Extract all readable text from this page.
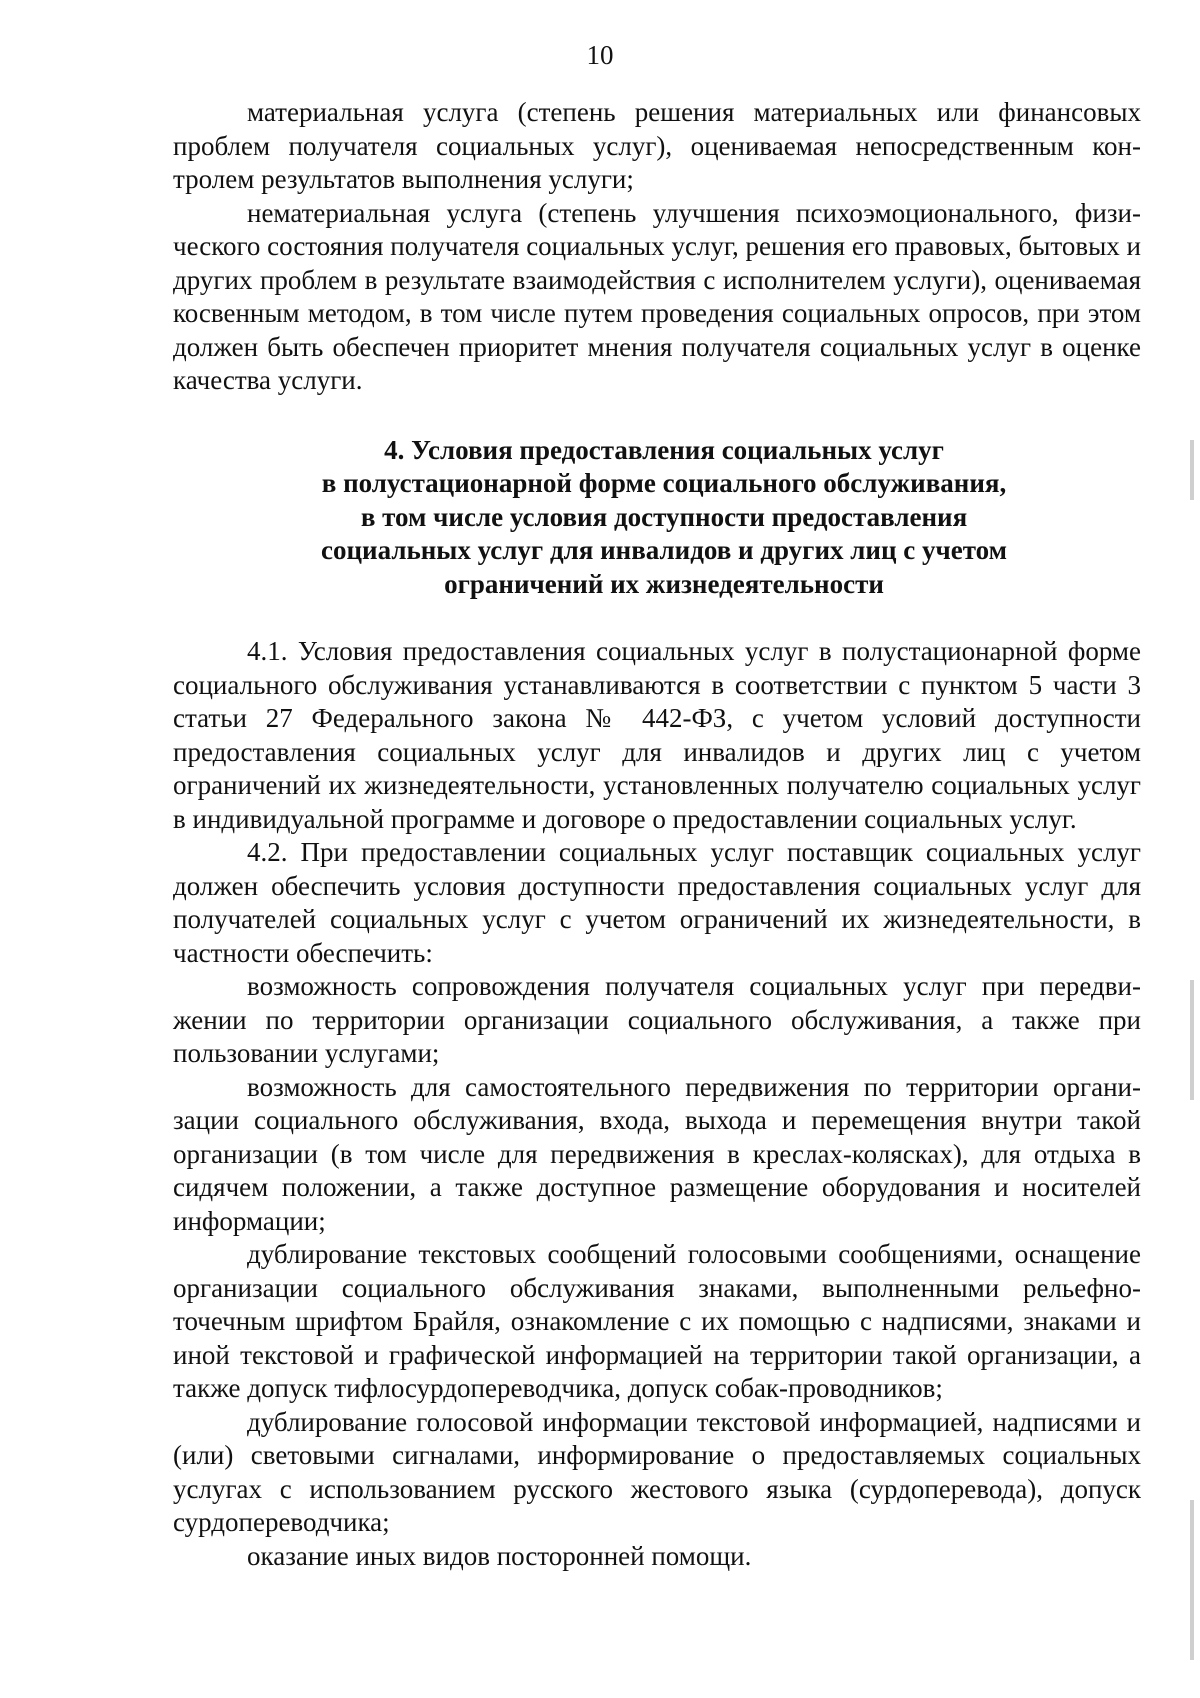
10

материальная услуга (степень решения материальных или финансовых проблем получателя социальных услуг), оцениваемая непосредственным контролем результатов выполнения услуги;

нематериальная услуга (степень улучшения психоэмоционального, физического состояния получателя социальных услуг, решения его правовых, бытовых и других проблем в результате взаимодействия с исполнителем услуги), оцениваемая косвенным методом, в том числе путем проведения социальных опросов, при этом должен быть обеспечен приоритет мнения получателя социальных услуг в оценке качества услуги.

4. Условия предоставления социальных услуг
в полустационарной форме социального обслуживания,
в том числе условия доступности предоставления
социальных услуг для инвалидов и других лиц с учетом
ограничений их жизнедеятельности

4.1. Условия предоставления социальных услуг в полустационарной форме социального обслуживания устанавливаются в соответствии с пунктом 5 части 3 статьи 27 Федерального закона № 442-ФЗ, с учетом условий доступности предоставления социальных услуг для инвалидов и других лиц с учетом ограничений их жизнедеятельности, установленных получателю социальных услуг в индивидуальной программе и договоре о предоставлении социальных услуг.

4.2. При предоставлении социальных услуг поставщик социальных услуг должен обеспечить условия доступности предоставления социальных услуг для получателей социальных услуг с учетом ограничений их жизнедеятельности, в частности обеспечить:

возможность сопровождения получателя социальных услуг при передвижении по территории организации социального обслуживания, а также при пользовании услугами;

возможность для самостоятельного передвижения по территории организации социального обслуживания, входа, выхода и перемещения внутри такой организации (в том числе для передвижения в креслах-колясках), для отдыха в сидячем положении, а также доступное размещение оборудования и носителей информации;

дублирование текстовых сообщений голосовыми сообщениями, оснащение организации социального обслуживания знаками, выполненными рельефно-точечным шрифтом Брайля, ознакомление с их помощью с надписями, знаками и иной текстовой и графической информацией на территории такой организации, а также допуск тифлосурдопереводчика, допуск собак-проводников;

дублирование голосовой информации текстовой информацией, надписями и (или) световыми сигналами, информирование о предоставляемых социальных услугах с использованием русского жестового языка (сурдоперевода), допуск сурдопереводчика;

оказание иных видов посторонней помощи.
